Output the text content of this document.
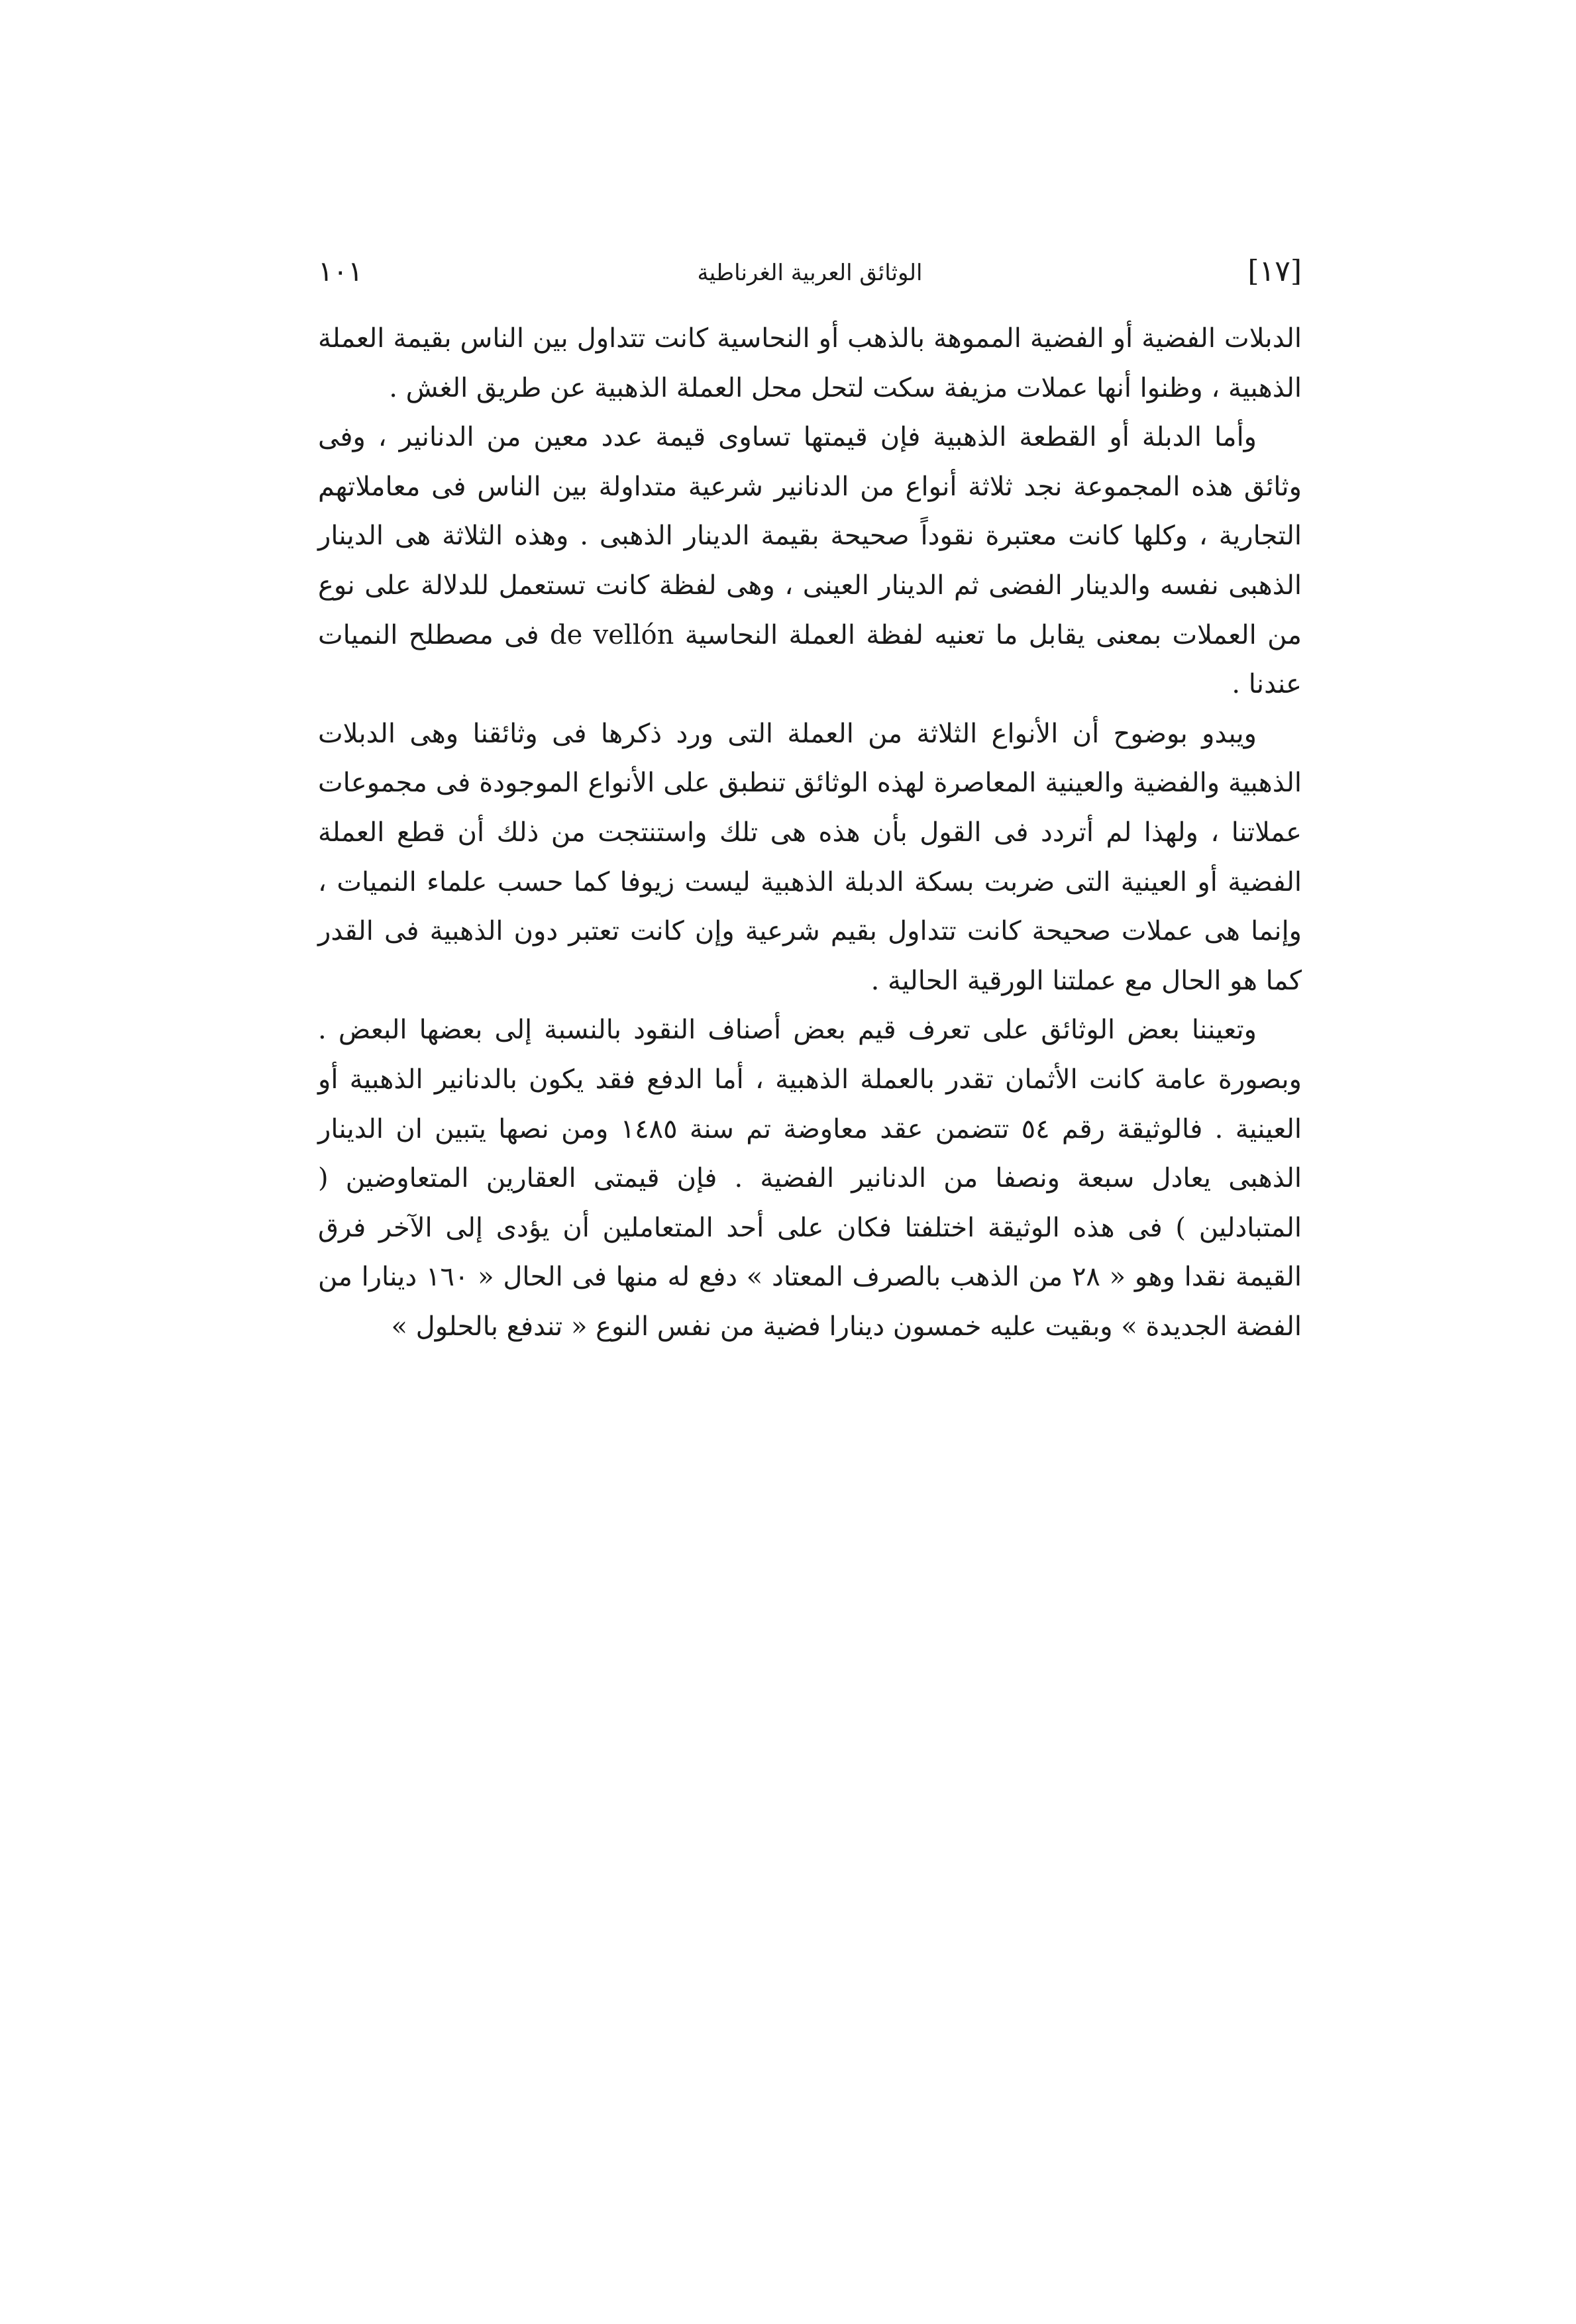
[١٧]
الوثائق العربية الغرناطية
١٠١

الدبلات الفضية أو الفضية المموهة بالذهب أو النحاسية كانت تتداول بين الناس بقيمة العملة الذهبية ، وظنوا أنها عملات مزيفة سكت لتحل محل العملة الذهبية عن طريق الغش .

وأما الدبلة أو القطعة الذهبية فإن قيمتها تساوى قيمة عدد معين من الدنانير ، وفى وثائق هذه المجموعة نجد ثلاثة أنواع من الدنانير شرعية متداولة بين الناس فى معاملاتهم التجارية ، وكلها كانت معتبرة نقوداً صحيحة بقيمة الدينار الذهبى . وهذه الثلاثة هى الدينار الذهبى نفسه والدينار الفضى ثم الدينار العينى ، وهى لفظة كانت تستعمل للدلالة على نوع من العملات بمعنى يقابل ما تعنيه لفظة العملة النحاسية de vellón فى مصطلح النميات عندنا .

ويبدو بوضوح أن الأنواع الثلاثة من العملة التى ورد ذكرها فى وثائقنا وهى الدبلات الذهبية والفضية والعينية المعاصرة لهذه الوثائق تنطبق على الأنواع الموجودة فى مجموعات عملاتنا ، ولهذا لم أتردد فى القول بأن هذه هى تلك واستنتجت من ذلك أن قطع العملة الفضية أو العينية التى ضربت بسكة الدبلة الذهبية ليست زيوفا كما حسب علماء النميات ، وإنما هى عملات صحيحة كانت تتداول بقيم شرعية وإن كانت تعتبر دون الذهبية فى القدر كما هو الحال مع عملتنا الورقية الحالية .

وتعيننا بعض الوثائق على تعرف قيم بعض أصناف النقود بالنسبة إلى بعضها البعض . وبصورة عامة كانت الأثمان تقدر بالعملة الذهبية ، أما الدفع فقد يكون بالدنانير الذهبية أو العينية . فالوثيقة رقم ٥٤ تتضمن عقد معاوضة تم سنة ١٤٨٥ ومن نصها يتبين ان الدينار الذهبى يعادل سبعة ونصفا من الدنانير الفضية . فإن قيمتى العقارين المتعاوضين ( المتبادلين ) فى هذه الوثيقة اختلفتا فكان على أحد المتعاملين أن يؤدى إلى الآخر فرق القيمة نقدا وهو « ٢٨ من الذهب بالصرف المعتاد » دفع له منها فى الحال « ١٦٠ دينارا من الفضة الجديدة » وبقيت عليه خمسون دينارا فضية من نفس النوع « تندفع بالحلول »
